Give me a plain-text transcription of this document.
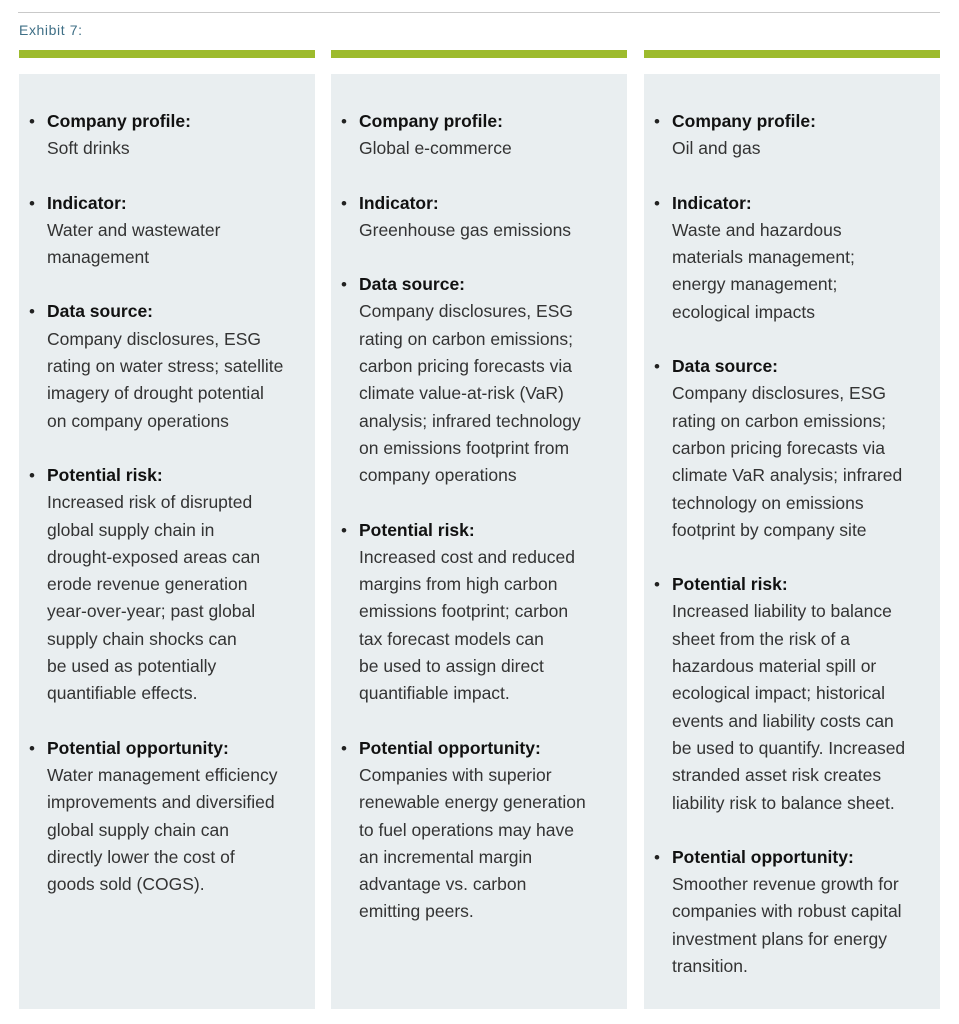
Exhibit 7:
• Company profile:
Soft drinks
• Indicator:
Water and wastewater
management
• Data source:
Company disclosures, ESG
rating on water stress; satellite
imagery of drought potential
on company operations
• Potential risk:
Increased risk of disrupted
global supply chain in
drought-exposed areas can
erode revenue generation
year-over-year; past global
supply chain shocks can
be used as potentially
quantifiable effects.
• Potential opportunity:
Water management efficiency
improvements and diversified
global supply chain can
directly lower the cost of
goods sold (COGS).
• Company profile:
Global e-commerce
• Indicator:
Greenhouse gas emissions
• Data source:
Company disclosures, ESG
rating on carbon emissions;
carbon pricing forecasts via
climate value-at-risk (VaR)
analysis; infrared technology
on emissions footprint from
company operations
• Potential risk:
Increased cost and reduced
margins from high carbon
emissions footprint; carbon
tax forecast models can
be used to assign direct
quantifiable impact.
• Potential opportunity:
Companies with superior
renewable energy generation
to fuel operations may have
an incremental margin
advantage vs. carbon
emitting peers.
• Company profile:
Oil and gas
• Indicator:
Waste and hazardous
materials management;
energy management;
ecological impacts
• Data source:
Company disclosures, ESG
rating on carbon emissions;
carbon pricing forecasts via
climate VaR analysis; infrared
technology on emissions
footprint by company site
• Potential risk:
Increased liability to balance
sheet from the risk of a
hazardous material spill or
ecological impact; historical
events and liability costs can
be used to quantify. Increased
stranded asset risk creates
liability risk to balance sheet.
• Potential opportunity:
Smoother revenue growth for
companies with robust capital
investment plans for energy
transition.
